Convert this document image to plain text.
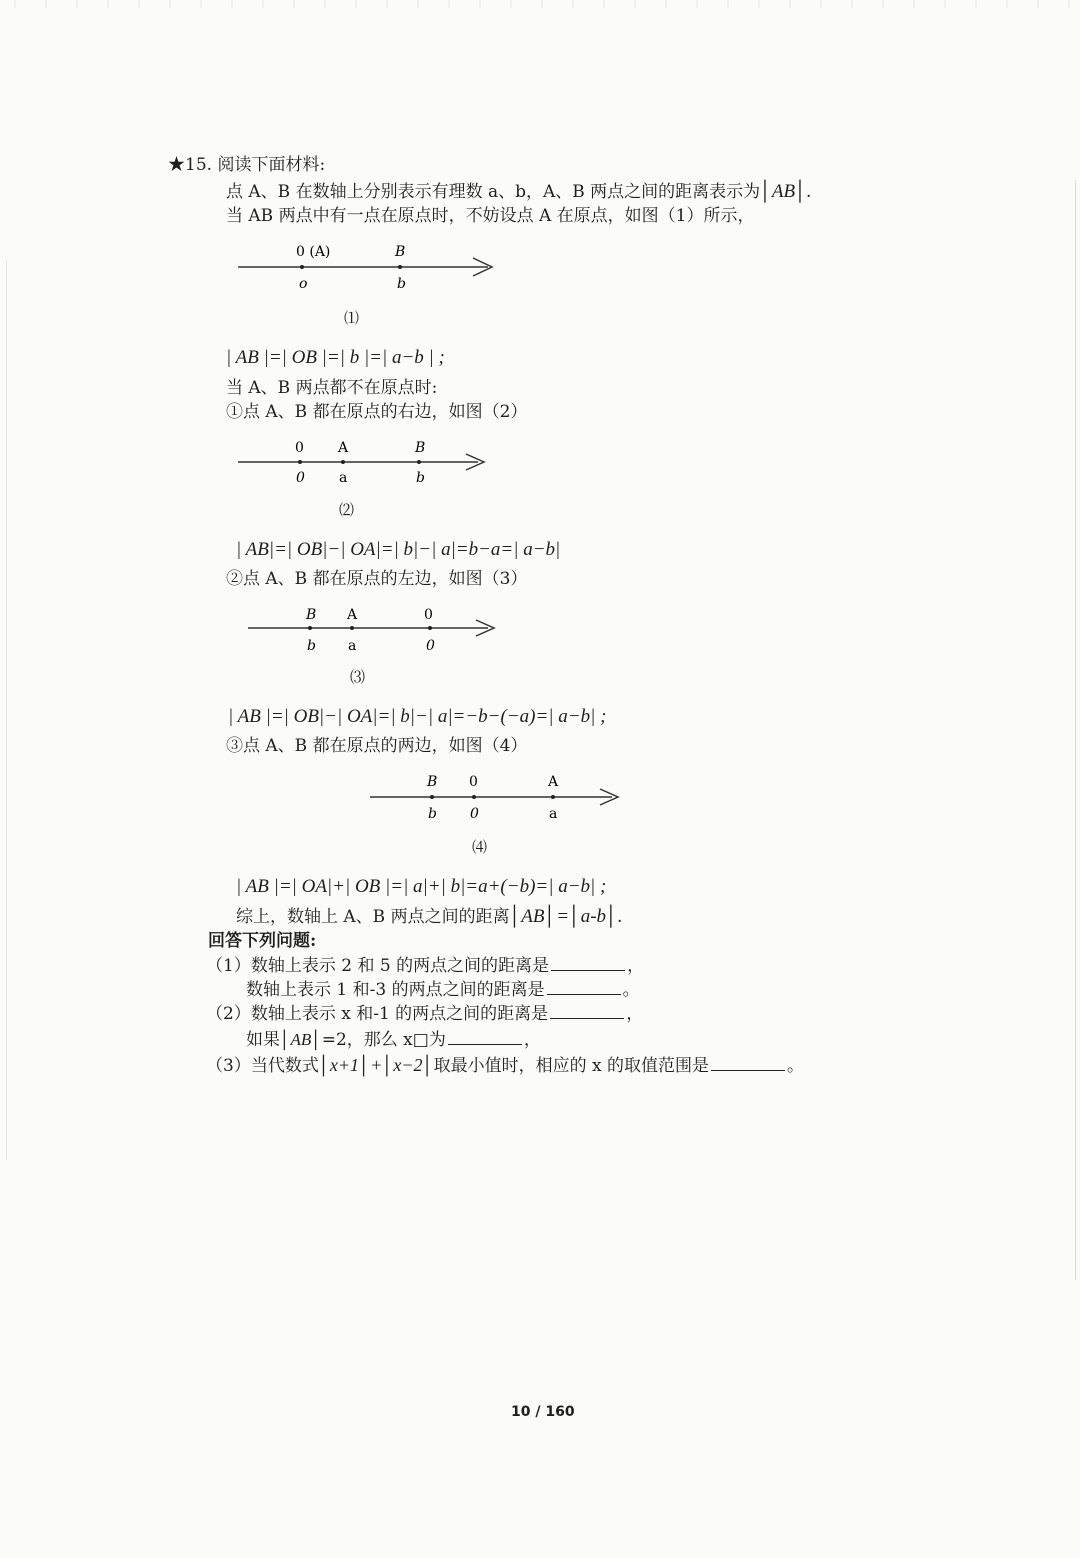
★15. 阅读下面材料:
点 A、B 在数轴上分别表示有理数 a、b，A、B 两点之间的距离表示为│AB│.
当 AB 两点中有一点在原点时，不妨设点 A 在原点，如图（1）所示，
0 (A)	B
o	b
⑴
| AB |=| OB |=| b |=| a−b | ;
当 A、B 两点都不在原点时:
①点 A、B 都在原点的右边，如图（2）
0 A	B
0 a	b
⑵
| AB|=| OB|−| OA|=| b|−| a|=b−a=| a−b|
②点 A、B 都在原点的左边，如图（3）
B A	0
b a	0
⑶
| AB |=| OB|−| OA|=| b|−| a|=−b−(−a)=| a−b| ;
③点 A、B 都在原点的两边，如图（4）
B 0	A
b 0	a
⑷
| AB |=| OA|+| OB |=| a|+| b|=a+(−b)=| a−b| ;
综上，数轴上 A、B 两点之间的距离│AB│=│a-b│.
回答下列问题:
（1）数轴上表示 2 和 5 的两点之间的距离是	，
数轴上表示 1 和-3 的两点之间的距离是	。
（2）数轴上表示 x 和-1 的两点之间的距离是	，
如果│AB│=2，那么 x□为	，
（3）当代数式│x+1│+│x−2│取最小值时，相应的 x 的取值范围是	。
10 / 160
